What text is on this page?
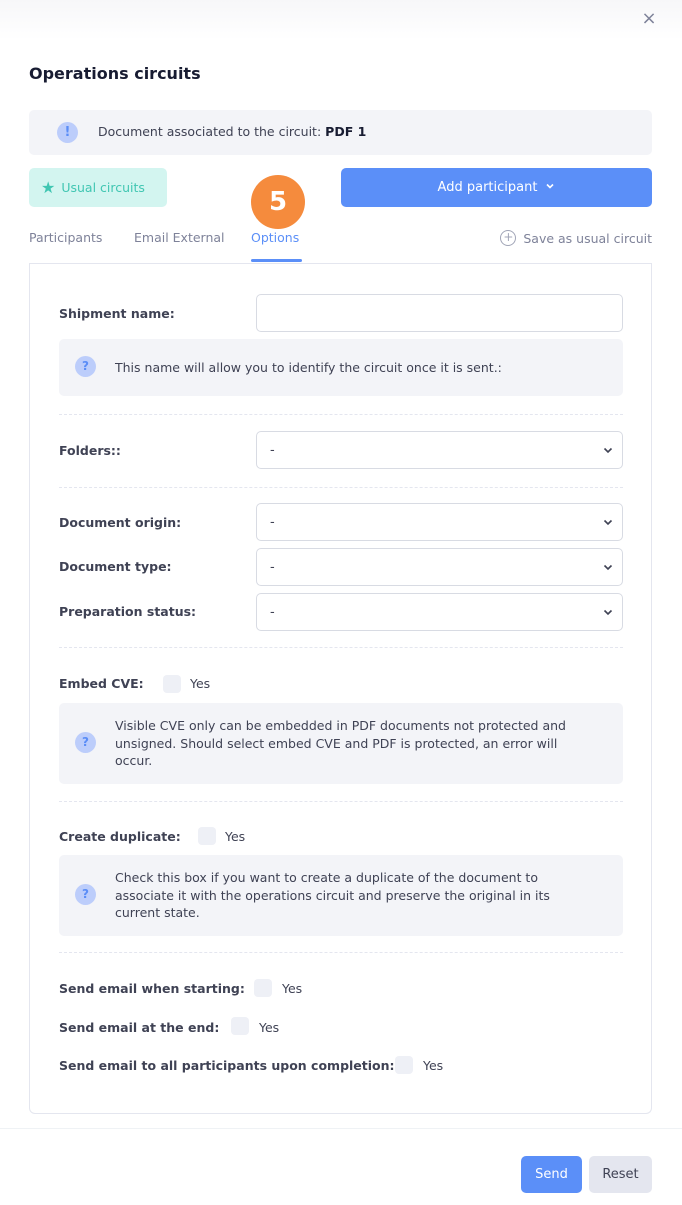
×
Operations circuits
!	Document associated to the circuit: PDF 1
★ Usual circuits	Add participant
Participants	Email External Options	+ Save as usual circuit
5
Shipment name:
?	This name will allow you to identify the circuit once it is sent.:
Folders::	-
Document origin:	-
Document type:	-
Preparation status:	-
Embed CVE:	Yes
?
Visible CVE only can be embedded in PDF documents not protected and unsigned. Should select embed CVE and PDF is protected, an error will occur.
Create duplicate:	Yes
?
Check this box if you want to create a duplicate of the document to associate it with the operations circuit and preserve the original in its current state.
Send email when starting:	Yes
Send email at the end:	Yes
Send email to all participants upon completion: Yes
Send	Reset
